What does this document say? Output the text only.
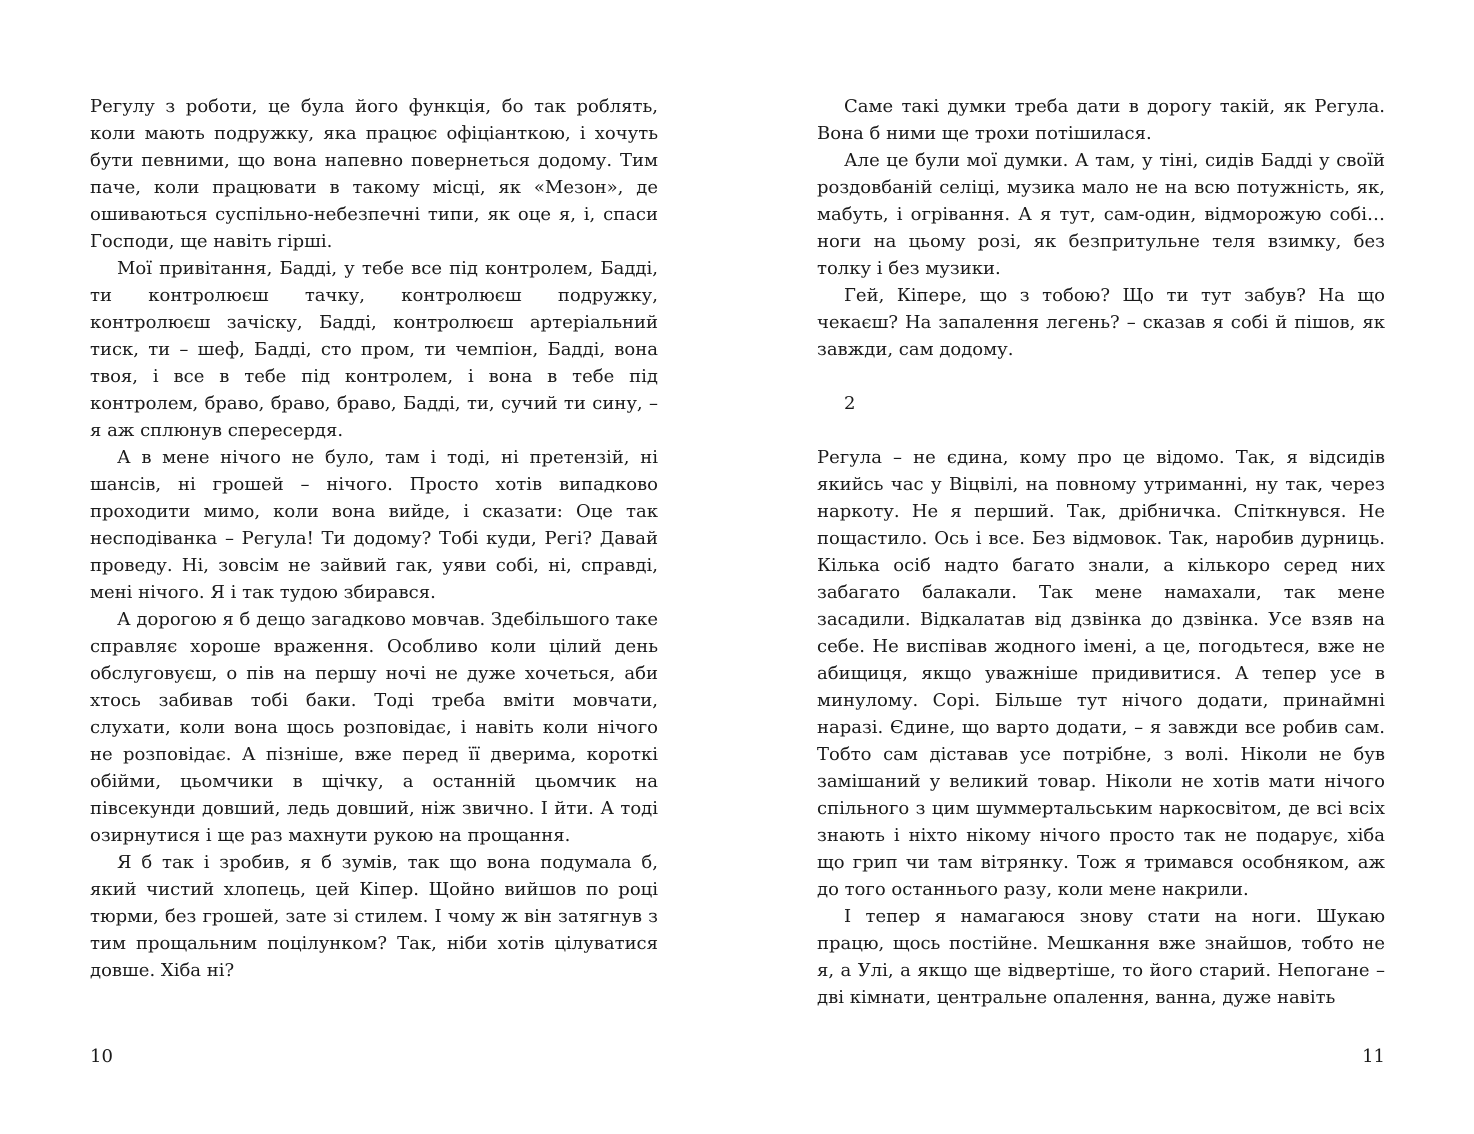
Регулу з роботи, це була його функція, бо так роблять, коли мають подружку, яка працює офіціанткою, і хочуть бути певними, що вона напевно повернеться додому. Тим паче, коли працювати в такому місці, як «Мезон», де ошиваються суспільно-небезпечні типи, як оце я, і, спаси Господи, ще навіть гірші.

Мої привітання, Бадді, у тебе все під контролем, Бадді, ти контролюєш тачку, контролюєш подружку, контролюєш зачіску, Бадді, контролюєш артеріальний тиск, ти – шеф, Бадді, сто пром, ти чемпіон, Бадді, вона твоя, і все в тебе під контролем, і вона в тебе під контролем, браво, браво, браво, Бадді, ти, сучий ти сину, – я аж сплюнув спересердя.

А в мене нічого не було, там і тоді, ні претензій, ні шансів, ні грошей – нічого. Просто хотів випадково проходити мимо, коли вона вийде, і сказати: Оце так несподіванка – Регула! Ти додому? Тобі куди, Регі? Давай проведу. Ні, зовсім не зайвий гак, уяви собі, ні, справді, мені нічого. Я і так тудою збирався.

А дорогою я б дещо загадково мовчав. Здебільшого таке справляє хороше враження. Особливо коли цілий день обслуговуєш, о пів на першу ночі не дуже хочеться, аби хтось забивав тобі баки. Тоді треба вміти мовчати, слухати, коли вона щось розповідає, і навіть коли нічого не розповідає. А пізніше, вже перед її дверима, короткі обійми, цьомчики в щічку, а останній цьомчик на півсекунди довший, ледь довший, ніж звично. І йти. А тоді озирнутися і ще раз махнути рукою на прощання.

Я б так і зробив, я б зумів, так що вона подумала б, який чистий хлопець, цей Кіпер. Щойно вийшов по році тюрми, без грошей, зате зі стилем. І чому ж він затягнув з тим прощальним поцілунком? Так, ніби хотів цілуватися довше. Хіба ні?

10

Саме такі думки треба дати в дорогу такій, як Регула. Вона б ними ще трохи потішилася.

Але це були мої думки. А там, у тіні, сидів Бадді у своїй роздовбаній селіці, музика мало не на всю потужність, як, мабуть, і огрівання. А я тут, сам-один, відморожую собі… ноги на цьому розі, як безпритульне теля взимку, без толку і без музики.

Гей, Кіпере, що з тобою? Що ти тут забув? На що чекаєш? На запалення легень? – сказав я собі й пішов, як завжди, сам додому.

2

Регула – не єдина, кому про це відомо. Так, я відсидів якийсь час у Віцвілі, на повному утриманні, ну так, через наркоту. Не я перший. Так, дрібничка. Спіткнувся. Не пощастило. Ось і все. Без відмовок. Так, наробив дурниць. Кілька осіб надто багато знали, а кількоро серед них забагато балакали. Так мене намахали, так мене засадили. Відкалатав від дзвінка до дзвінка. Усе взяв на себе. Не виспівав жодного імені, а це, погодьтеся, вже не абищиця, якщо уважніше придивитися. А тепер усе в минулому. Сорі. Більше тут нічого додати, принаймні наразі. Єдине, що варто додати, – я завжди все робив сам. Тобто сам діставав усе потрібне, з волі. Ніколи не був замішаний у великий товар. Ніколи не хотів мати нічого спільного з цим шуммертальським наркосвітом, де всі всіх знають і ніхто нікому нічого просто так не подарує, хіба що грип чи там вітрянку. Тож я тримався особняком, аж до того останнього разу, коли мене накрили.

І тепер я намагаюся знову стати на ноги. Шукаю працю, щось постійне. Мешкання вже знайшов, тобто не я, а Улі, а якщо ще відвертіше, то його старий. Непогане – дві кімнати, центральне опалення, ванна, дуже навіть

11
